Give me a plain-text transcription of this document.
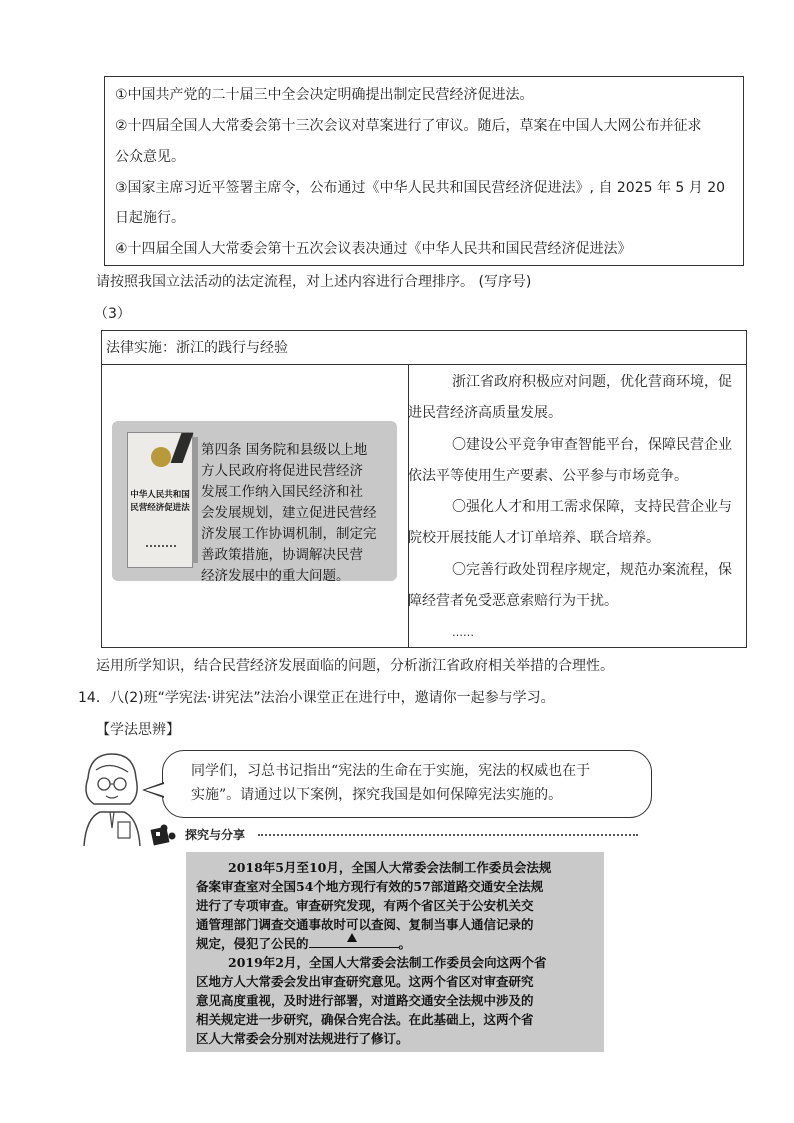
①中国共产党的二十届三中全会决定明确提出制定民营经济促进法。
②十四届全国人大常委会第十三次会议对草案进行了审议。随后，草案在中国人大网公布并征求
公众意见。
③国家主席习近平签署主席令，公布通过《中华人民共和国民营经济促进法》, 自 2025 年 5 月 20
日起施行。
④十四届全国人大常委会第十五次会议表决通过《中华人民共和国民营经济促进法》
请按照我国立法活动的法定流程，对上述内容进行合理排序。 (写序号)
（3）
法律实施：浙江的践行与经验
浙江省政府积极应对问题，优化营商环境，促
进民营经济高质量发展。
〇建设公平竞争审查智能平台，保障民营企业
依法平等使用生产要素、公平参与市场竞争。
〇强化人才和用工需求保障，支持民营企业与
院校开展技能人才订单培养、联合培养。
〇完善行政处罚程序规定，规范办案流程，保
障经营者免受恶意索赔行为干扰。
……
中华人民共和国民营经济促进法
第四条 国务院和县级以上地
方人民政府将促进民营经济
发展工作纳入国民经济和社
会发展规划，建立促进民营经
济发展工作协调机制，制定完
善政策措施，协调解决民营
经济发展中的重大问题。
运用所学知识，结合民营经济发展面临的问题，分析浙江省政府相关举措的合理性。
14．八(2)班“学宪法·讲宪法”法治小课堂正在进行中，邀请你一起参与学习。
【学法思辨】
同学们，习总书记指出“宪法的生命在于实施，宪法的权威也在于
实施”。请通过以下案例，探究我国是如何保障宪法实施的。
探究与分享
2018年5月至10月，全国人大常委会法制工作委员会法规
备案审查室对全国54个地方现行有效的57部道路交通安全法规
进行了专项审查。审查研究发现，有两个省区关于公安机关交
通管理部门调查交通事故时可以查阅、复制当事人通信记录的
规定，侵犯了公民的	。
2019年2月，全国人大常委会法制工作委员会向这两个省
区地方人大常委会发出审查研究意见。这两个省区对审查研究
意见高度重视，及时进行部署，对道路交通安全法规中涉及的
相关规定进一步研究，确保合宪合法。在此基础上，这两个省
区人大常委会分别对法规进行了修订。
